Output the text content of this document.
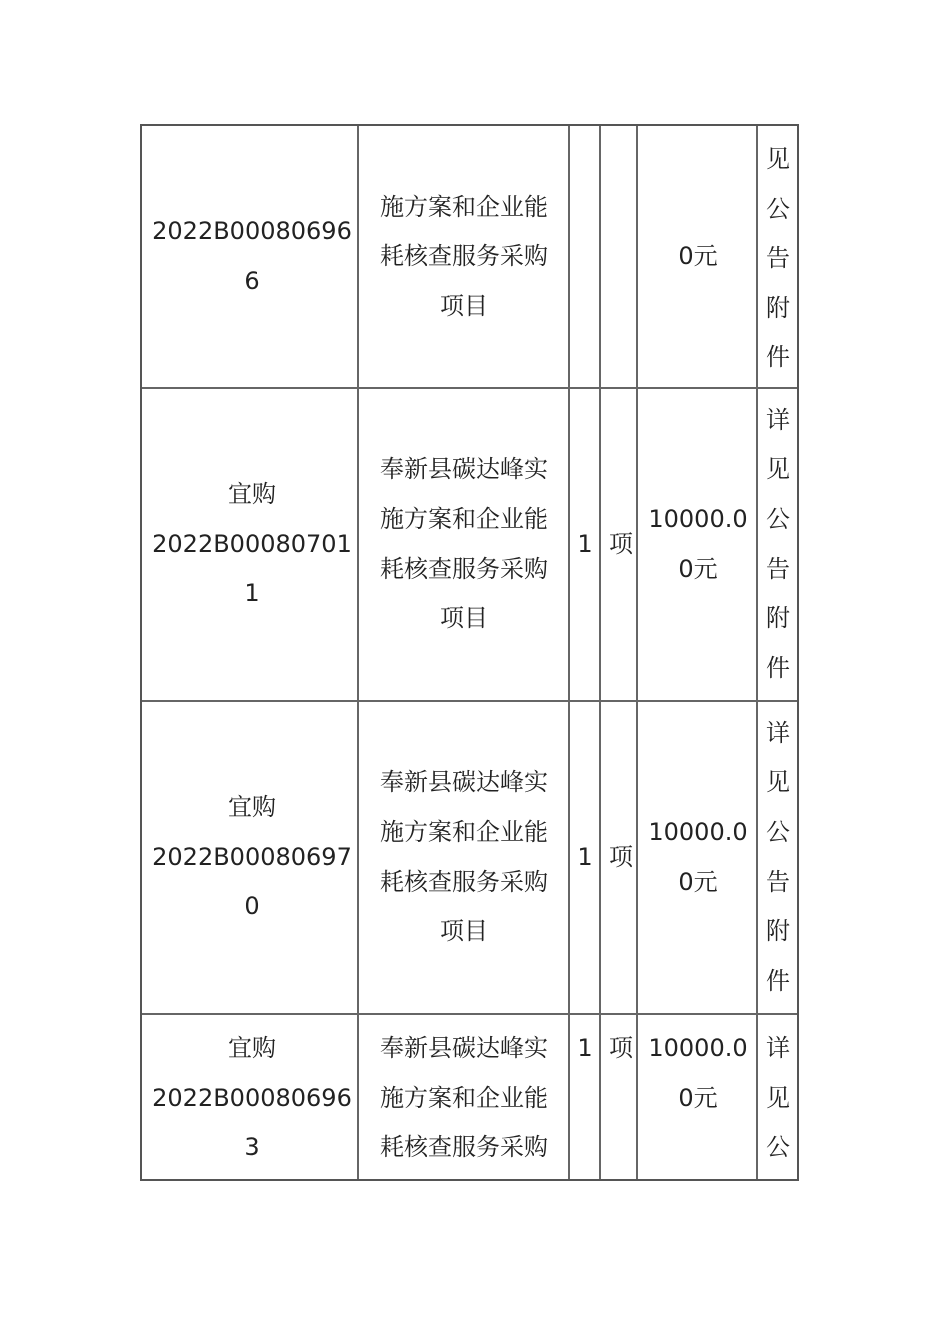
2022B00080696
6
施方案和企业能
耗核查服务采购
项目
0元
见
公
告
附
件
宜购
2022B00080701
1
奉新县碳达峰实
施方案和企业能
耗核查服务采购
项目
1 项
10000.0
0元
详
见
公
告
附
件
宜购
2022B00080697
0
奉新县碳达峰实
施方案和企业能
耗核查服务采购
项目
1 项
10000.0
0元
详
见
公
告
附
件
宜购
2022B00080696
3
奉新县碳达峰实
施方案和企业能
耗核查服务采购
1 项 10000.0
0元
详
见
公
